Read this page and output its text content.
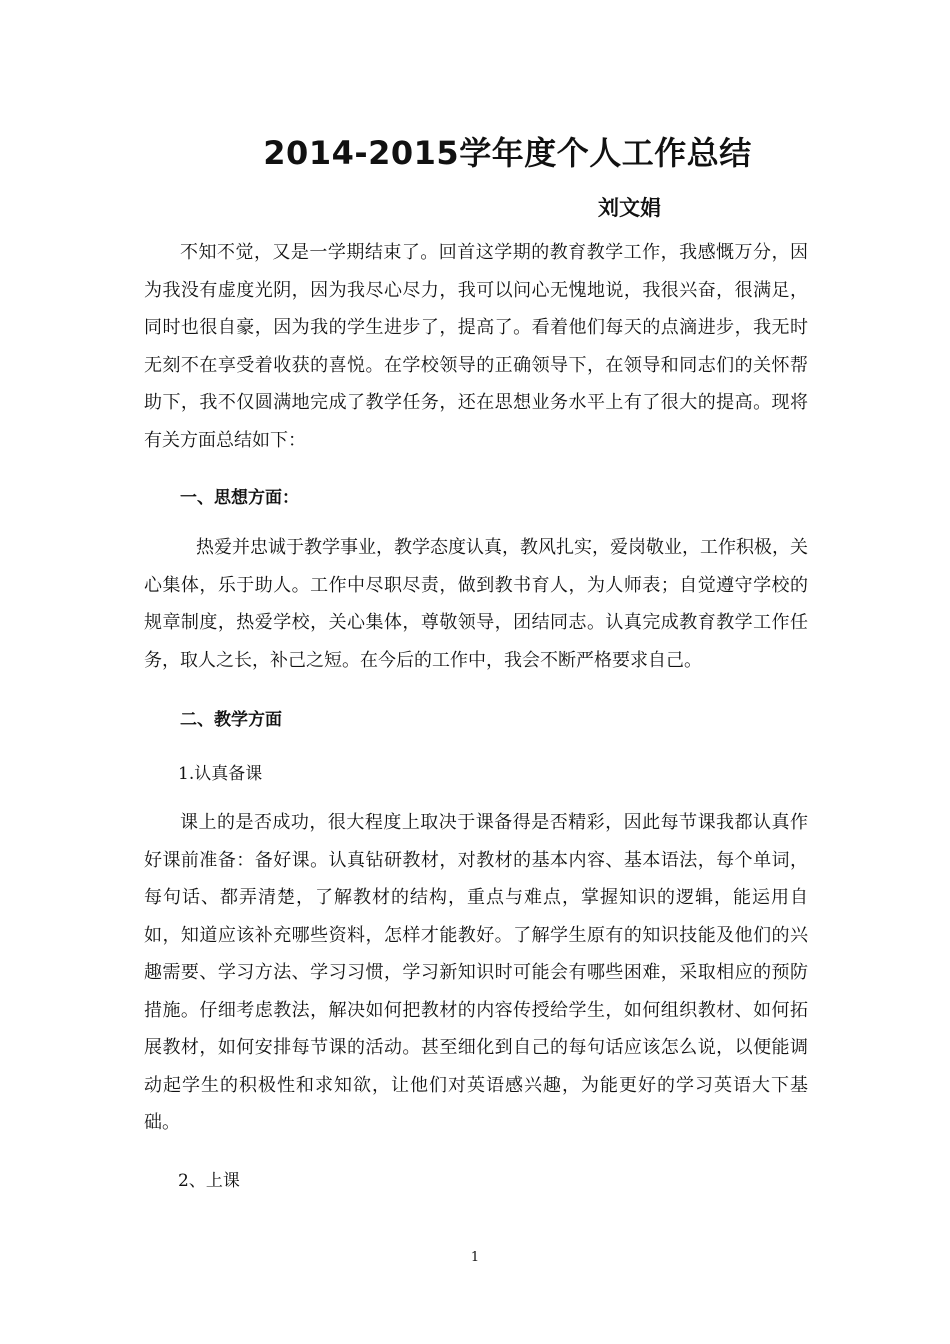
2014-2015学年度个人工作总结
刘文娟

不知不觉，又是一学期结束了。回首这学期的教育教学工作，我感慨万分，因为我没有虚度光阴，因为我尽心尽力，我可以问心无愧地说，我很兴奋，很满足，同时也很自豪，因为我的学生进步了，提高了。看着他们每天的点滴进步，我无时无刻不在享受着收获的喜悦。在学校领导的正确领导下，在领导和同志们的关怀帮助下，我不仅圆满地完成了教学任务，还在思想业务水平上有了很大的提高。现将有关方面总结如下：

一、思想方面：

热爱并忠诚于教学事业，教学态度认真，教风扎实，爱岗敬业，工作积极，关心集体，乐于助人。工作中尽职尽责，做到教书育人，为人师表；自觉遵守学校的规章制度，热爱学校，关心集体，尊敬领导，团结同志。认真完成教育教学工作任务，取人之长，补己之短。在今后的工作中，我会不断严格要求自己。

二、教学方面

1.认真备课

课上的是否成功，很大程度上取决于课备得是否精彩，因此每节课我都认真作好课前准备：备好课。认真钻研教材，对教材的基本内容、基本语法，每个单词，每句话、都弄清楚，了解教材的结构，重点与难点，掌握知识的逻辑，能运用自如，知道应该补充哪些资料，怎样才能教好。了解学生原有的知识技能及他们的兴趣需要、学习方法、学习习惯，学习新知识时可能会有哪些困难，采取相应的预防措施。仔细考虑教法，解决如何把教材的内容传授给学生，如何组织教材、如何拓展教材，如何安排每节课的活动。甚至细化到自己的每句话应该怎么说，以便能调动起学生的积极性和求知欲，让他们对英语感兴趣，为能更好的学习英语大下基础。

2、上课

1
